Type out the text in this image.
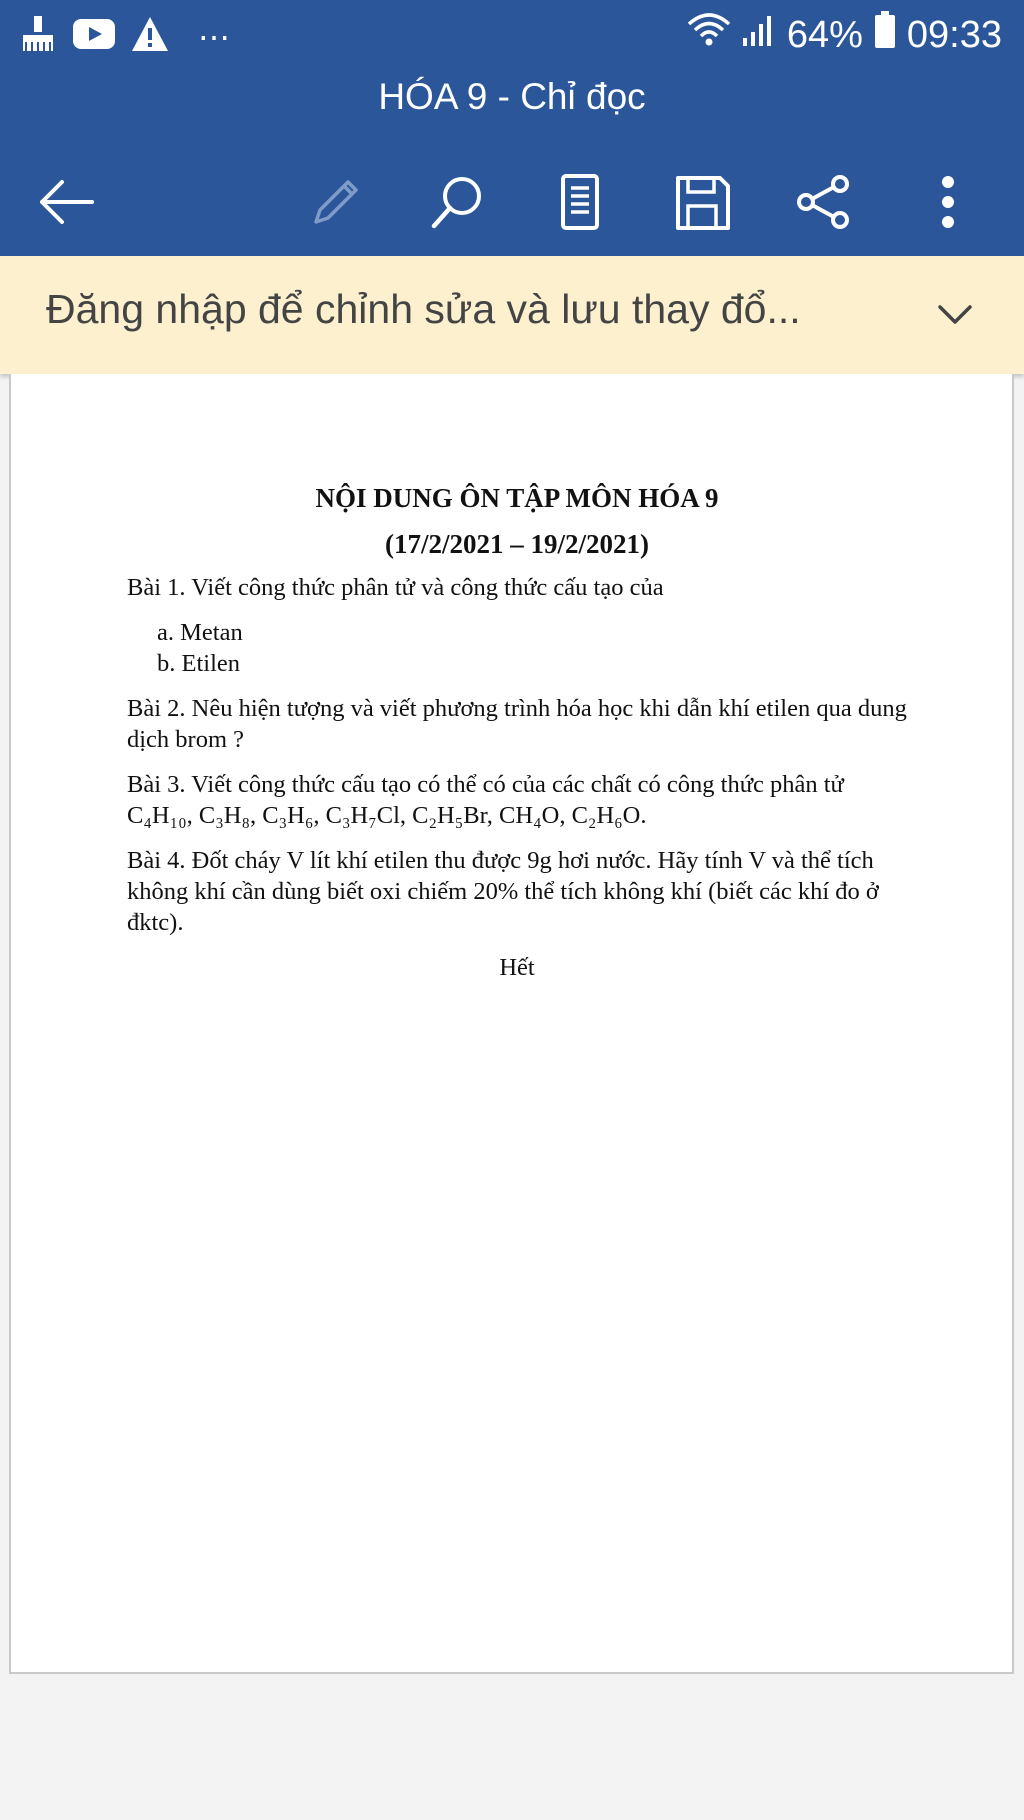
⋯	64% 09:33
HÓA 9 - Chỉ đọc
Đăng nhập để chỉnh sửa và lưu thay đổ...

NỘI DUNG ÔN TẬP MÔN HÓA 9

(17/2/2021 – 19/2/2021)

Bài 1. Viết công thức phân tử và công thức cấu tạo của

a. Metan
b. Etilen

Bài 2. Nêu hiện tượng và viết phương trình hóa học khi dẫn khí etilen qua dung dịch brom ?

Bài 3. Viết công thức cấu tạo có thể có của các chất có công thức phân tử C₄H₁₀, C₃H₈, C₃H₆, C₃H₇Cl, C₂H₅Br, CH₄O, C₂H₆O.

Bài 4. Đốt cháy V lít khí etilen thu được 9g hơi nước. Hãy tính V và thể tích không khí cần dùng biết oxi chiếm 20% thể tích không khí (biết các khí đo ở đktc).

Hết
